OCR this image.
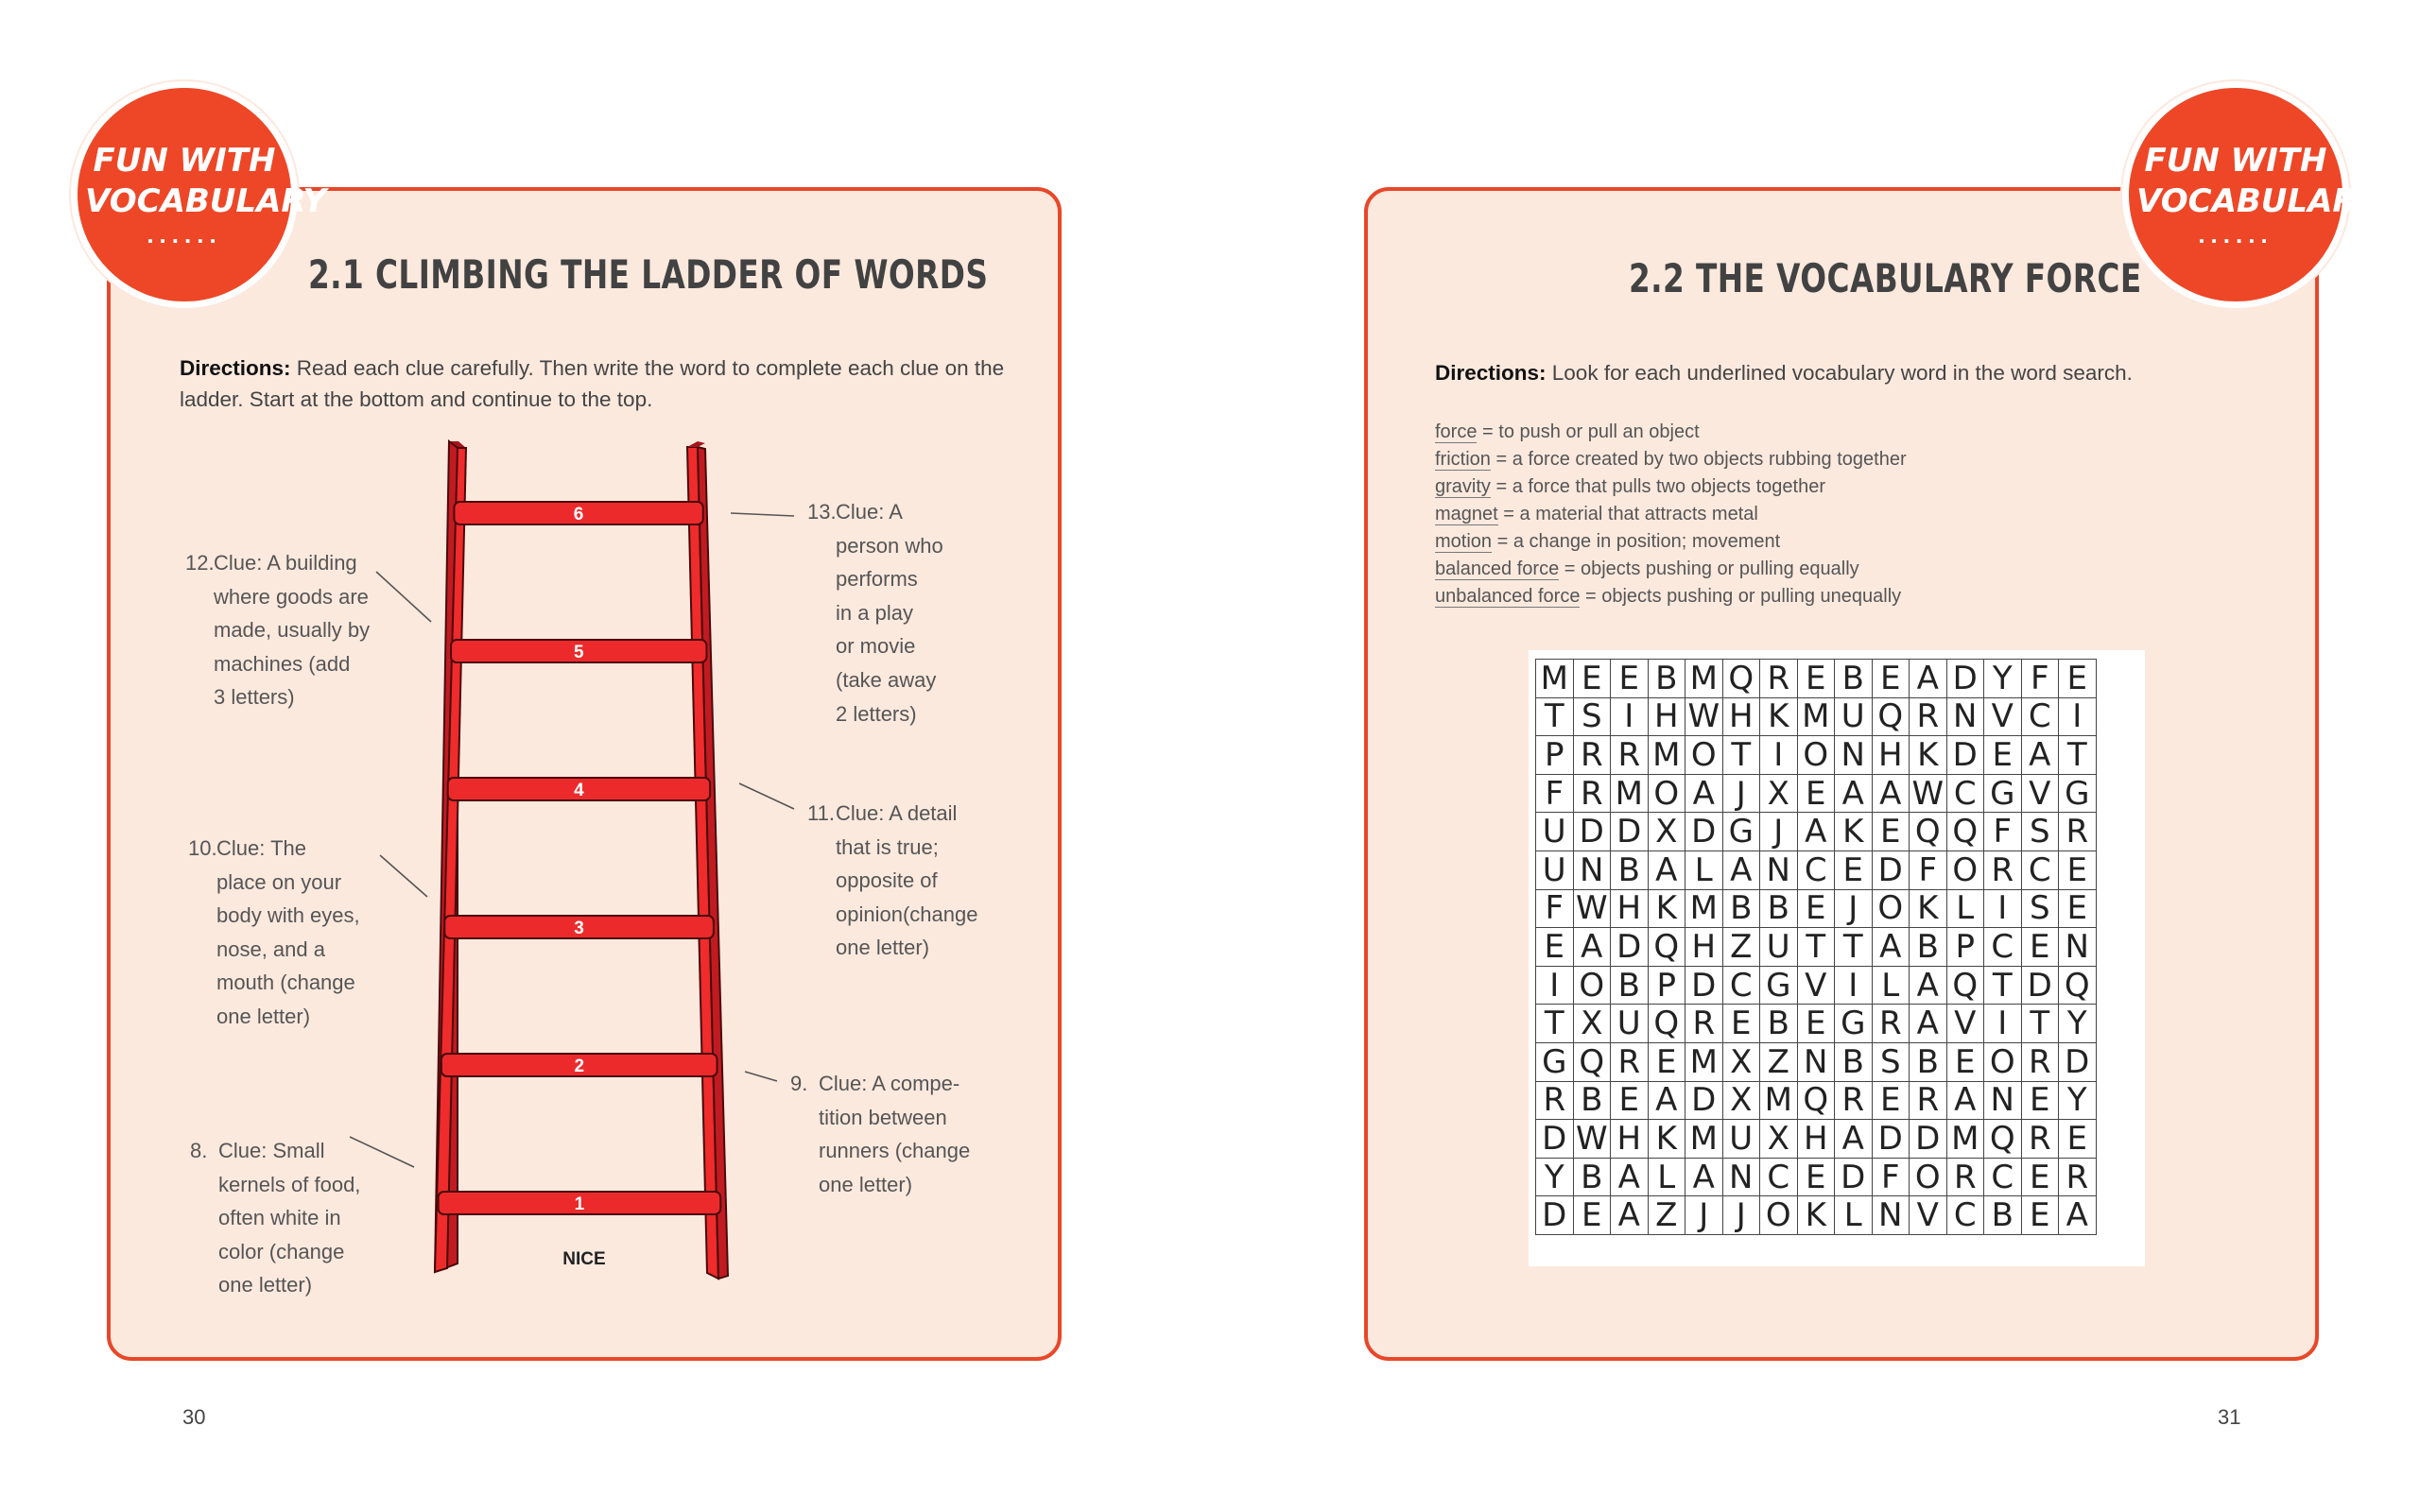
FUN WITH
VOCABULARY
......
2.1 CLIMBING THE LADDER OF WORDS
Directions: Read each clue carefully. Then write the word to complete each clue on the ladder. Start at the bottom and continue to the top.
1
2
3
4
5
6
NICE
13. Clue: A
person who
performs
in a play
or movie
(take away
2 letters)
12. Clue: A building
where goods are
made, usually by
machines (add
3 letters)
11. Clue: A detail
that is true;
opposite of
opinion(change
one letter)
10. Clue: The
place on your
body with eyes,
nose, and a
mouth (change
one letter)
9. Clue: A compe-
tition between
runners (change
one letter)
8. Clue: Small
kernels of food,
often white in
color (change
one letter)
30
FUN WITH
VOCABULARY
......
2.2 THE VOCABULARY FORCE
Directions: Look for each underlined vocabulary word in the word search.
force = to push or pull an object
friction = a force created by two objects rubbing together
gravity = a force that pulls two objects together
magnet = a material that attracts metal
motion = a change in position; movement
balanced force = objects pushing or pulling equally
unbalanced force = objects pushing or pulling unequally
M	E	E	B	M	Q	R	E	B	E	A	D	Y	F	E
T	S	I	H	W	H	K	M	U	Q	R	N	V	C	I
P	R	R	M	O	T	I	O	N	H	K	D	E	A	T
F	R	M	O	A	J	X	E	A	A	W	C	G	V	G
U	D	D	X	D	G	J	A	K	E	Q	Q	F	S	R
U	N	B	A	L	A	N	C	E	D	F	O	R	C	E
F	W	H	K	M	B	B	E	J	O	K	L	I	S	E
E	A	D	Q	H	Z	U	T	T	A	B	P	C	E	N
I	O	B	P	D	C	G	V	I	L	A	Q	T	D	Q
T	X	U	Q	R	E	B	E	G	R	A	V	I	T	Y
G	Q	R	E	M	X	Z	N	B	S	B	E	O	R	D
R	B	E	A	D	X	M	Q	R	E	R	A	N	E	Y
D	W	H	K	M	U	X	H	A	D	D	M	Q	R	E
Y	B	A	L	A	N	C	E	D	F	O	R	C	E	R
D	E	A	Z	J	J	O	K	L	N	V	C	B	E	A
31
